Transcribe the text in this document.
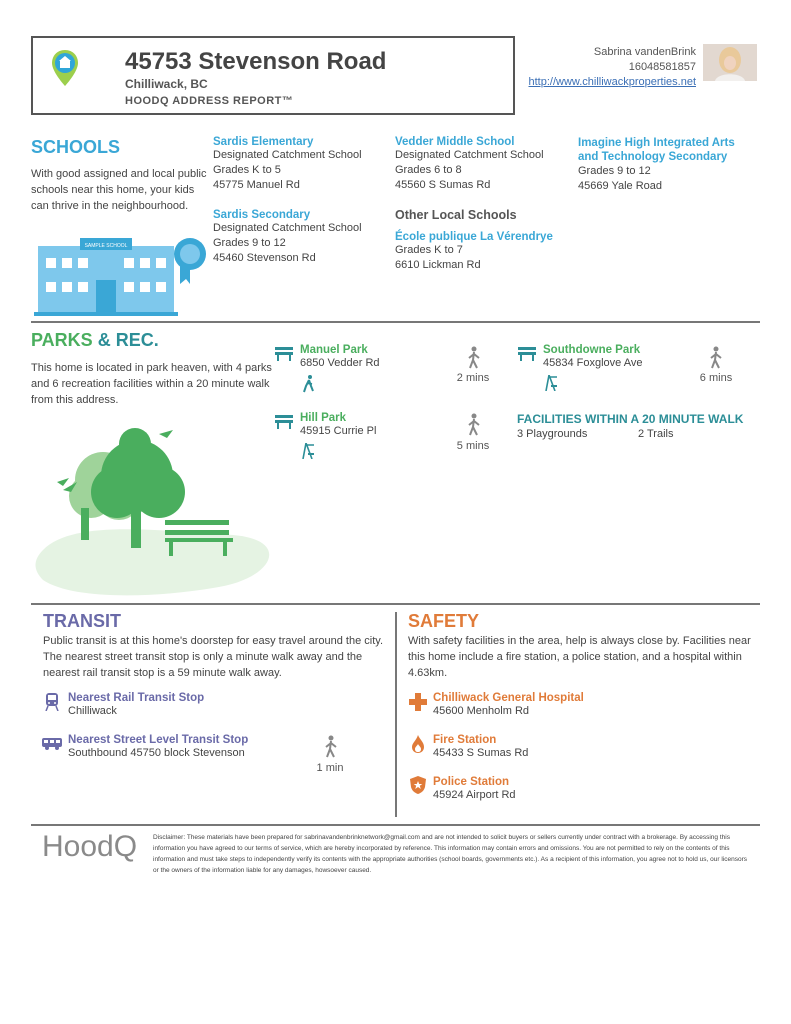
45753 Stevenson Road
Chilliwack, BC
HOODQ ADDRESS REPORT™
Sabrina vandenBrink
16048581857
http://www.chilliwackproperties.net
SCHOOLS
With good assigned and local public schools near this home, your kids can thrive in the neighbourhood.
SAMPLE SCHOOL
Sardis Elementary
Designated Catchment School
Grades K to 5
45775 Manuel Rd
Vedder Middle School
Designated Catchment School
Grades 6 to 8
45560 S Sumas Rd
Imagine High Integrated Arts and Technology Secondary
Grades 9 to 12
45669 Yale Road
Sardis Secondary
Designated Catchment School
Grades 9 to 12
45460 Stevenson Rd
Other Local Schools
École publique La Vérendrye
Grades K to 7
6610 Lickman Rd
PARKS & REC.
This home is located in park heaven, with 4 parks and 6 recreation facilities within a 20 minute walk from this address.
Manuel Park
6850 Vedder Rd
2 mins
Southdowne Park
45834 Foxglove Ave
6 mins
Hill Park
45915 Currie Pl
5 mins
FACILITIES WITHIN A 20 MINUTE WALK
3 Playgrounds	2 Trails
TRANSIT
Public transit is at this home's doorstep for easy travel around the city. The nearest street transit stop is only a minute walk away and the nearest rail transit stop is a 59 minute walk away.
Nearest Rail Transit Stop
Chilliwack
Nearest Street Level Transit Stop
Southbound 45750 block Stevenson
1 min
SAFETY
With safety facilities in the area, help is always close by. Facilities near this home include a fire station, a police station, and a hospital within 4.63km.
Chilliwack General Hospital
45600 Menholm Rd
Fire Station
45433 S Sumas Rd
Police Station
45924 Airport Rd
HoodQ Disclaimer: These materials have been prepared for sabrinavandenbrinknetwork@gmail.com and are not intended to solicit buyers or sellers currently under contract with a brokerage. By accessing this information you have agreed to our terms of service, which are hereby incorporated by reference. This information may contain errors and omissions. You are not permitted to rely on the contents of this information and must take steps to independently verify its contents with the appropriate authorities (school boards, governments etc.). As a recipient of this information, you agree not to hold us, our licensors or the owners of the information liable for any damages, howsoever caused.
